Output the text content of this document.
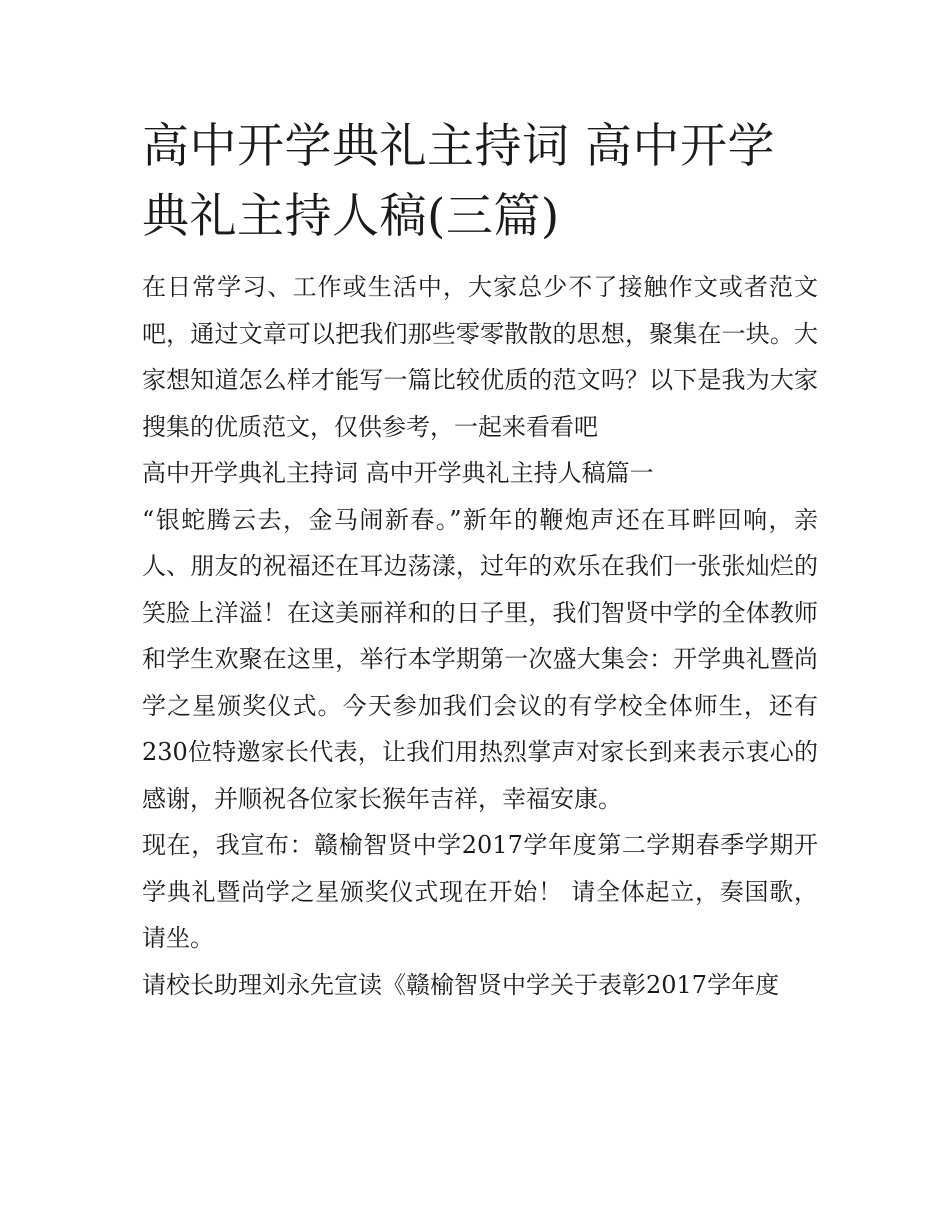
高中开学典礼主持词 高中开学典礼主持人稿(三篇)

在日常学习、工作或生活中，大家总少不了接触作文或者范文吧，通过文章可以把我们那些零零散散的思想，聚集在一块。大家想知道怎么样才能写一篇比较优质的范文吗？以下是我为大家搜集的优质范文，仅供参考，一起来看看吧

高中开学典礼主持词 高中开学典礼主持人稿篇一

“银蛇腾云去，金马闹新春。”新年的鞭炮声还在耳畔回响，亲人、朋友的祝福还在耳边荡漾，过年的欢乐在我们一张张灿烂的笑脸上洋溢！在这美丽祥和的日子里，我们智贤中学的全体教师和学生欢聚在这里，举行本学期第一次盛大集会：开学典礼暨尚学之星颁奖仪式。今天参加我们会议的有学校全体师生，还有230位特邀家长代表，让我们用热烈掌声对家长到来表示衷心的感谢，并顺祝各位家长猴年吉祥，幸福安康。

现在，我宣布：赣榆智贤中学2017学年度第二学期春季学期开学典礼暨尚学之星颁奖仪式现在开始！ 请全体起立，奏国歌，请坐。

请校长助理刘永先宣读《赣榆智贤中学关于表彰2017学年度
